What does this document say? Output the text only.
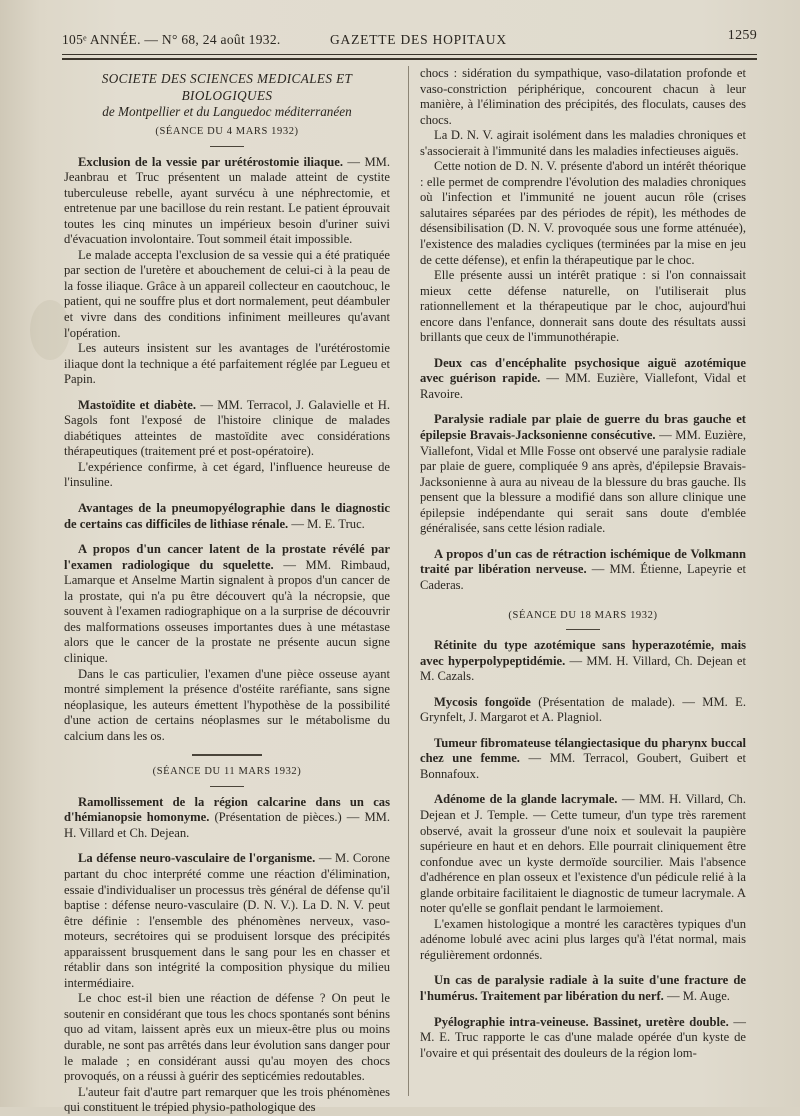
105ᵉ ANNÉE. — N° 68, 24 août 1932.	GAZETTE DES HOPITAUX	1259
SOCIETE DES SCIENCES MEDICALES ET BIOLOGIQUES
de Montpellier et du Languedoc méditerranéen
(SÉANCE DU 4 MARS 1932)

Exclusion de la vessie par urétérostomie iliaque. — MM. Jeanbrau et Truc présentent un malade atteint de cystite tuberculeuse rebelle, ayant survécu à une néphrectomie, et entretenue par une bacillose du rein restant. Le patient éprouvait toutes les cinq minutes un impérieux besoin d'uriner suivi d'évacuation involontaire. Tout sommeil était impossible.

Le malade accepta l'exclusion de sa vessie qui a été pratiquée par section de l'uretère et abouchement de celui-ci à la peau de la fosse iliaque. Grâce à un appareil collecteur en caoutchouc, le patient, qui ne souffre plus et dort normalement, peut déambuler et vivre dans des conditions infiniment meilleures qu'avant l'opération.

Les auteurs insistent sur les avantages de l'urétérostomie iliaque dont la technique a été parfaitement réglée par Legueu et Papin.

Mastoïdite et diabète. — MM. Terracol, J. Galavielle et H. Sagols font l'exposé de l'histoire clinique de malades diabétiques atteintes de mastoïdite avec considérations thérapeutiques (traitement pré et post-opératoire).

L'expérience confirme, à cet égard, l'influence heureuse de l'insuline.

Avantages de la pneumopyélographie dans le diagnostic de certains cas difficiles de lithiase rénale. — M. E. Truc.

A propos d'un cancer latent de la prostate révélé par l'examen radiologique du squelette. — MM. Rimbaud, Lamarque et Anselme Martin signalent à propos d'un cancer de la prostate, qui n'a pu être découvert qu'à la nécropsie, que souvent à l'examen radiographique on a la surprise de découvrir des malformations osseuses importantes dues à une métastase alors que le cancer de la prostate ne présente aucun signe clinique.

Dans le cas particulier, l'examen d'une pièce osseuse ayant montré simplement la présence d'ostéite raréfiante, sans signe néoplasique, les auteurs émettent l'hypothèse de la possibilité d'une action de certains néoplasmes sur le métabolisme du calcium dans les os.

(SÉANCE DU 11 MARS 1932)

Ramollissement de la région calcarine dans un cas d'hémianopsie homonyme. (Présentation de pièces.) — MM. H. Villard et Ch. Dejean.

La défense neuro-vasculaire de l'organisme. — M. Corone partant du choc interprété comme une réaction d'élimination, essaie d'individualiser un processus très général de défense qu'il baptise : défense neuro-vasculaire (D. N. V.). La D. N. V. peut être définie : l'ensemble des phénomènes nerveux, vaso-moteurs, secrétoires qui se produisent lorsque des précipités apparaissent brusquement dans le sang pour les en chasser et rétablir dans son intégrité la composition physique du milieu intermédiaire.

Le choc est-il bien une réaction de défense ? On peut le soutenir en considérant que tous les chocs spontanés sont bénins quo ad vitam, laissent après eux un mieux-être plus ou moins durable, ne sont pas arrêtés dans leur évolution sans danger pour le malade ; en considérant aussi qu'au moyen des chocs provoqués, on a réussi à guérir des septicémies redoutables.

L'auteur fait d'autre part remarquer que les trois phénomènes qui constituent le trépied physio-pathologique des

chocs : sidération du sympathique, vaso-dilatation profonde et vaso-constriction périphérique, concourent chacun à leur manière, à l'élimination des précipités, des floculats, causes des chocs.

La D. N. V. agirait isolément dans les maladies chroniques et s'associerait à l'immunité dans les maladies infectieuses aiguës.

Cette notion de D. N. V. présente d'abord un intérêt théorique : elle permet de comprendre l'évolution des maladies chroniques où l'infection et l'immunité ne jouent aucun rôle (crises salutaires séparées par des périodes de répit), les méthodes de désensibilisation (D. N. V. provoquée sous une forme atténuée), l'existence des maladies cycliques (terminées par la mise en jeu de cette défense), et enfin la thérapeutique par le choc.

Elle présente aussi un intérêt pratique : si l'on connaissait mieux cette défense naturelle, on l'utiliserait plus rationnellement et la thérapeutique par le choc, aujourd'hui encore dans l'enfance, donnerait sans doute des résultats aussi brillants que ceux de l'immunothérapie.

Deux cas d'encéphalite psychosique aiguë azotémique avec guérison rapide. — MM. Euzière, Viallefont, Vidal et Ravoire.

Paralysie radiale par plaie de guerre du bras gauche et épilepsie Bravais-Jacksonienne consécutive. — MM. Euzière, Viallefont, Vidal et Mlle Fosse ont observé une paralysie radiale par plaie de guere, compliquée 9 ans après, d'épilepsie Bravais-Jacksonienne à aura au niveau de la blessure du bras gauche. Ils pensent que la blessure a modifié dans son allure clinique une épilepsie indépendante qui serait sans doute d'emblée généralisée, sans cette lésion radiale.

A propos d'un cas de rétraction ischémique de Volkmann traité par libération nerveuse. — MM. Étienne, Lapeyrie et Caderas.

(SÉANCE DU 18 MARS 1932)

Rétinite du type azotémique sans hyperazotémie, mais avec hyperpolypeptidémie. — MM. H. Villard, Ch. Dejean et M. Cazals.

Mycosis fongoïde (Présentation de malade). — MM. E. Grynfelt, J. Margarot et A. Plagniol.

Tumeur fibromateuse télangiectasique du pharynx buccal chez une femme. — MM. Terracol, Goubert, Guibert et Bonnafoux.

Adénome de la glande lacrymale. — MM. H. Villard, Ch. Dejean et J. Temple. — Cette tumeur, d'un type très rarement observé, avait la grosseur d'une noix et soulevait la paupière supérieure en haut et en dehors. Elle pourrait cliniquement être confondue avec un kyste dermoïde sourcilier. Mais l'absence d'adhérence en plan osseux et l'existence d'un pédicule relié à la glande orbitaire facilitaient le diagnostic de tumeur lacrymale. A noter qu'elle se gonflait pendant le larmoiement.

L'examen histologique a montré les caractères typiques d'un adénome lobulé avec acini plus larges qu'à l'état normal, mais régulièrement ordonnés.

Un cas de paralysie radiale à la suite d'une fracture de l'humérus. Traitement par libération du nerf. — M. Auge.

Pyélographie intra-veineuse. Bassinet, uretère double. — M. E. Truc rapporte le cas d'une malade opérée d'un kyste de l'ovaire et qui présentait des douleurs de la région lom-
